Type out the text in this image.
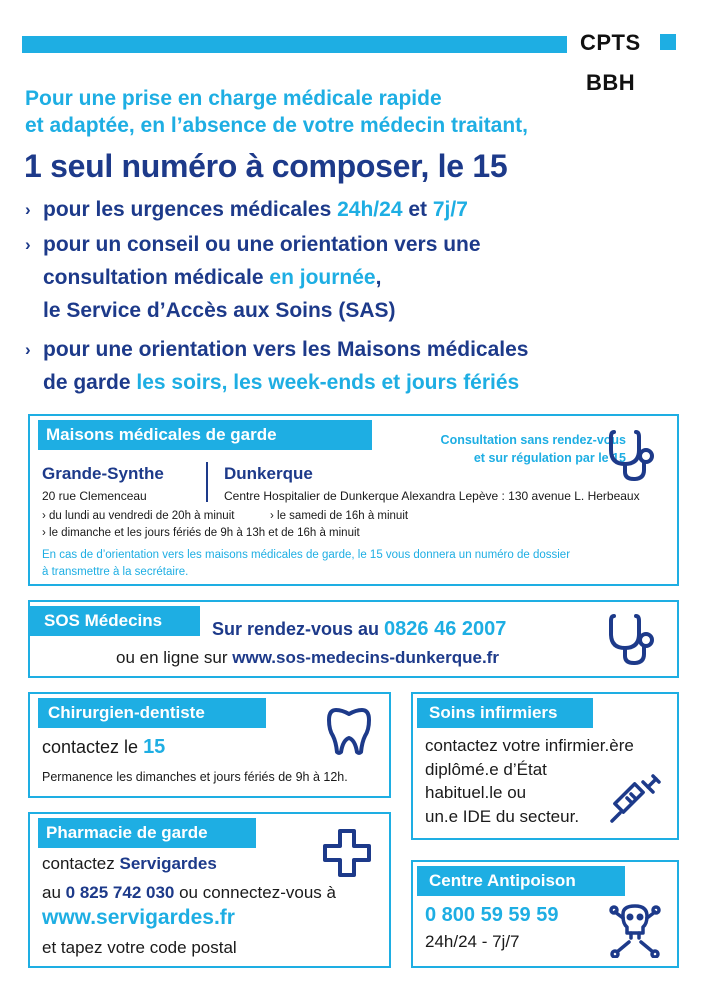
CPTS
BBH
Pour une prise en charge médicale rapide
et adaptée, en l’absence de votre médecin traitant,
1 seul numéro à composer, le 15
› pour les urgences médicales 24h/24 et 7j/7
› pour un conseil ou une orientation vers une
consultation médicale en journée,
le Service d’Accès aux Soins (SAS)
› pour une orientation vers les Maisons médicales
de garde les soirs, les week-ends et jours fériés
Maisons médicales de garde	Consultation sans rendez-vous
et sur régulation par le 15
Grande-Synthe
20 rue Clemenceau
Dunkerque
Centre Hospitalier de Dunkerque Alexandra Lepève : 130 avenue L. Herbeaux
› du lundi au vendredi de 20h à minuit	› le samedi de 16h à minuit
› le dimanche et les jours fériés de 9h à 13h et de 16h à minuit
En cas de d’orientation vers les maisons médicales de garde, le 15 vous donnera un numéro de dossier
à transmettre à la secrétaire.
SOS Médecins	Sur rendez-vous au 0826 46 2007
ou en ligne sur www.sos-medecins-dunkerque.fr
Chirurgien-dentiste
contactez le 15
Permanence les dimanches et jours fériés de 9h à 12h.
Soins infirmiers
contactez votre infirmier.ère
diplômé.e d’État
habituel.le ou
un.e IDE du secteur.
Pharmacie de garde
contactez Servigardes
au 0 825 742 030 ou connectez-vous à
www.servigardes.fr
et tapez votre code postal
Centre Antipoison
0 800 59 59 59
24h/24 - 7j/7
